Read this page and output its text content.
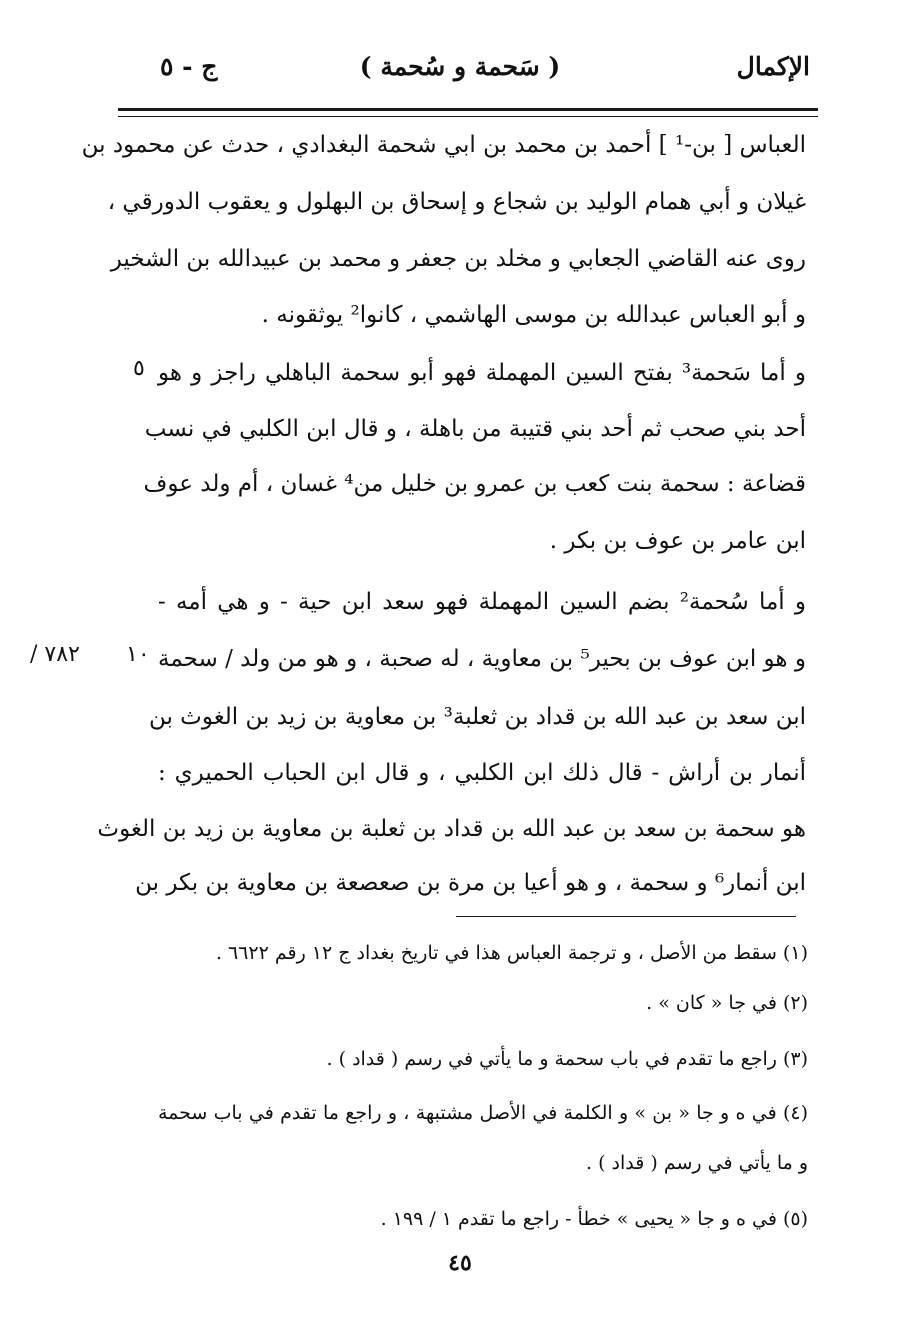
الإكمال
( سَحمة و سُحمة )
ج - ٥
العباس [ بن-¹ ] أحمد بن محمد بن ابي شحمة البغدادي ، حدث عن محمود بن
غيلان و أبي همام الوليد بن شجاع و إسحاق بن البهلول و يعقوب الدورقي ،
روى عنه القاضي الجعابي و مخلد بن جعفر و محمد بن عبيدالله بن الشخير
و أبو العباس عبدالله بن موسى الهاشمي ، كانوا² يوثقونه .
و أما سَحمة³ بفتح السين المهملة فهو أبو سحمة الباهلي راجز و هو
٥
أحد بني صحب ثم أحد بني قتيبة من باهلة ، و قال ابن الكلبي في نسب
قضاعة : سحمة بنت كعب بن عمرو بن خليل من⁴ غسان ، أم ولد عوف
ابن عامر بن عوف بن بكر .
و أما سُحمة² بضم السين المهملة فهو سعد ابن حية - و هي أمه -
و هو ابن عوف بن بحير⁵ بن معاوية ، له صحبة ، و هو من ولد / سحمة
١٠
٧٨٢ /
ابن سعد بن عبد الله بن قداد بن ثعلبة³ بن معاوية بن زيد بن الغوث بن
أنمار بن أراش - قال ذلك ابن الكلبي ، و قال ابن الحباب الحميري :
هو سحمة بن سعد بن عبد الله بن قداد بن ثعلبة بن معاوية بن زيد بن الغوث
ابن أنمار⁶ و سحمة ، و هو أعيا بن مرة بن صعصعة بن معاوية بن بكر بن
(١) سقط من الأصل ، و ترجمة العباس هذا في تاريخ بغداد ج ١٢ رقم ٦٦٢٢ .
(٢) في جا « كان » .
(٣) راجع ما تقدم في باب سحمة و ما يأتي في رسم ( قداد ) .
(٤) في ه و جا « بن » و الكلمة في الأصل مشتبهة ، و راجع ما تقدم في باب سحمة
و ما يأتي في رسم ( قداد ) .
(٥) في ه و جا « يحيى » خطأ - راجع ما تقدم ١ / ١٩٩ .
٤٥
